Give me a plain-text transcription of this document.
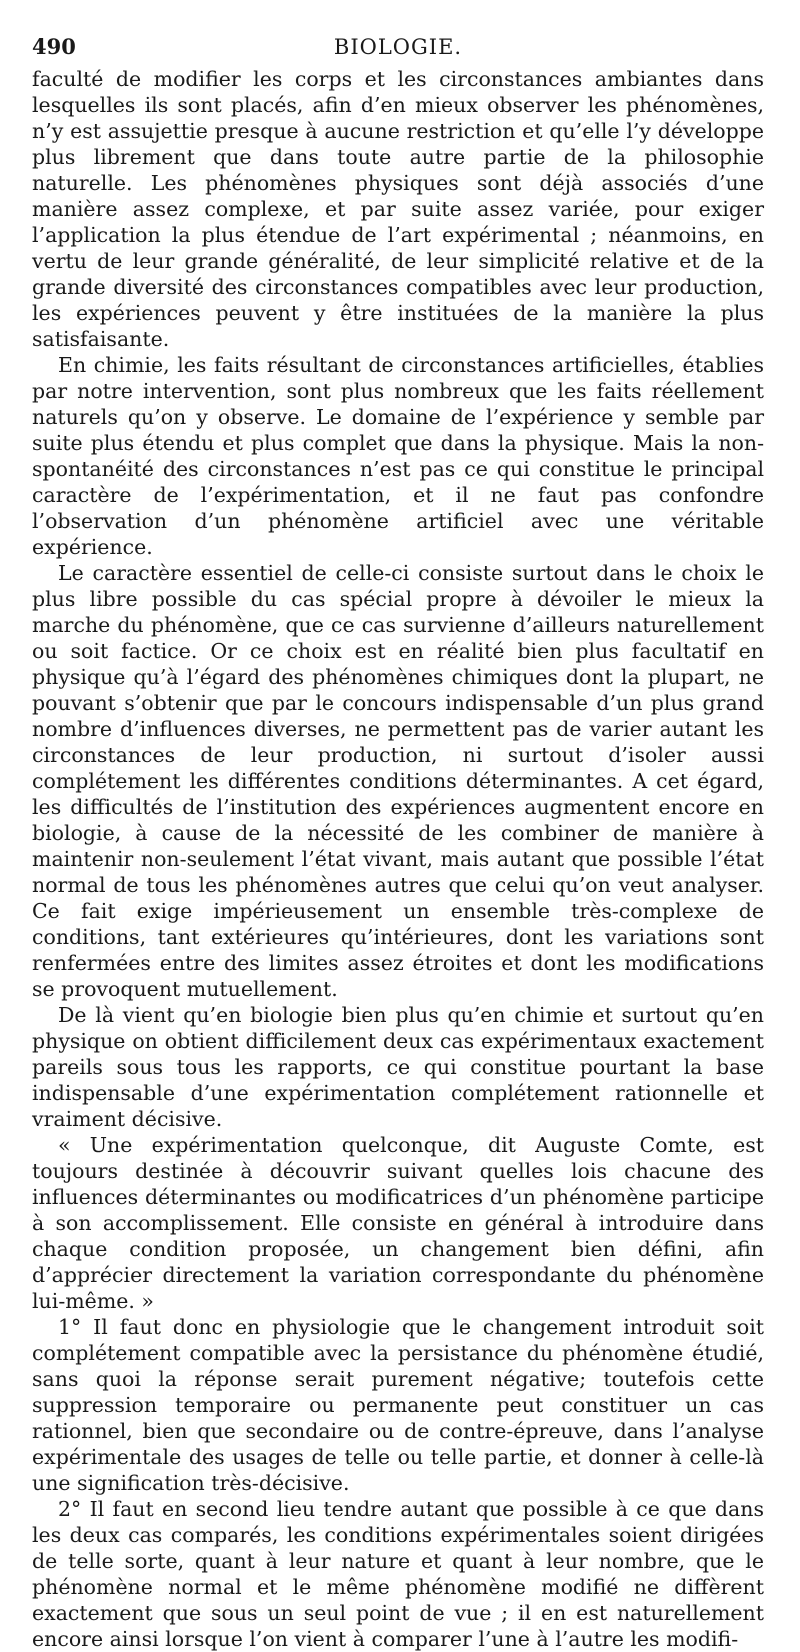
490	BIOLOGIE.

faculté de modifier les corps et les circonstances ambiantes dans lesquelles ils sont placés, afin d’en mieux observer les phénomènes, n’y est assujettie presque à aucune restriction et qu’elle l’y développe plus librement que dans toute autre partie de la philosophie naturelle. Les phénomènes physiques sont déjà associés d’une manière assez complexe, et par suite assez variée, pour exiger l’application la plus étendue de l’art expérimental ; néanmoins, en vertu de leur grande généralité, de leur simplicité relative et de la grande diversité des circonstances compatibles avec leur production, les expériences peuvent y être instituées de la manière la plus satisfaisante.

En chimie, les faits résultant de circonstances artificielles, établies par notre intervention, sont plus nombreux que les faits réellement naturels qu’on y observe. Le domaine de l’expérience y semble par suite plus étendu et plus complet que dans la physique. Mais la non-spontanéité des circonstances n’est pas ce qui constitue le principal caractère de l’expérimentation, et il ne faut pas confondre l’observation d’un phénomène artificiel avec une véritable expérience.

Le caractère essentiel de celle-ci consiste surtout dans le choix le plus libre possible du cas spécial propre à dévoiler le mieux la marche du phénomène, que ce cas survienne d’ailleurs naturellement ou soit factice. Or ce choix est en réalité bien plus facultatif en physique qu’à l’égard des phénomènes chimiques dont la plupart, ne pouvant s’obtenir que par le concours indispensable d’un plus grand nombre d’influences diverses, ne permettent pas de varier autant les circonstances de leur production, ni surtout d’isoler aussi complétement les différentes conditions déterminantes. A cet égard, les difficultés de l’institution des expériences augmentent encore en biologie, à cause de la nécessité de les combiner de manière à maintenir non-seulement l’état vivant, mais autant que possible l’état normal de tous les phénomènes autres que celui qu’on veut analyser. Ce fait exige impérieusement un ensemble très-complexe de conditions, tant extérieures qu’intérieures, dont les variations sont renfermées entre des limites assez étroites et dont les modifications se provoquent mutuellement.

De là vient qu’en biologie bien plus qu’en chimie et surtout qu’en physique on obtient difficilement deux cas expérimentaux exactement pareils sous tous les rapports, ce qui constitue pourtant la base indispensable d’une expérimentation complétement rationnelle et vraiment décisive.

« Une expérimentation quelconque, dit Auguste Comte, est toujours destinée à découvrir suivant quelles lois chacune des influences déterminantes ou modificatrices d’un phénomène participe à son accomplissement. Elle consiste en général à introduire dans chaque condition proposée, un changement bien défini, afin d’apprécier directement la variation correspondante du phénomène lui-même. »

1° Il faut donc en physiologie que le changement introduit soit complétement compatible avec la persistance du phénomène étudié, sans quoi la réponse serait purement négative; toutefois cette suppression temporaire ou permanente peut constituer un cas rationnel, bien que secondaire ou de contre-épreuve, dans l’analyse expérimentale des usages de telle ou telle partie, et donner à celle-là une signification très-décisive.

2° Il faut en second lieu tendre autant que possible à ce que dans les deux cas comparés, les conditions expérimentales soient dirigées de telle sorte, quant à leur nature et quant à leur nombre, que le phénomène normal et le même phénomène modifié ne diffèrent exactement que sous un seul point de vue ; il en est naturellement encore ainsi lorsque l’on vient à comparer l’une à l’autre les modifi-
